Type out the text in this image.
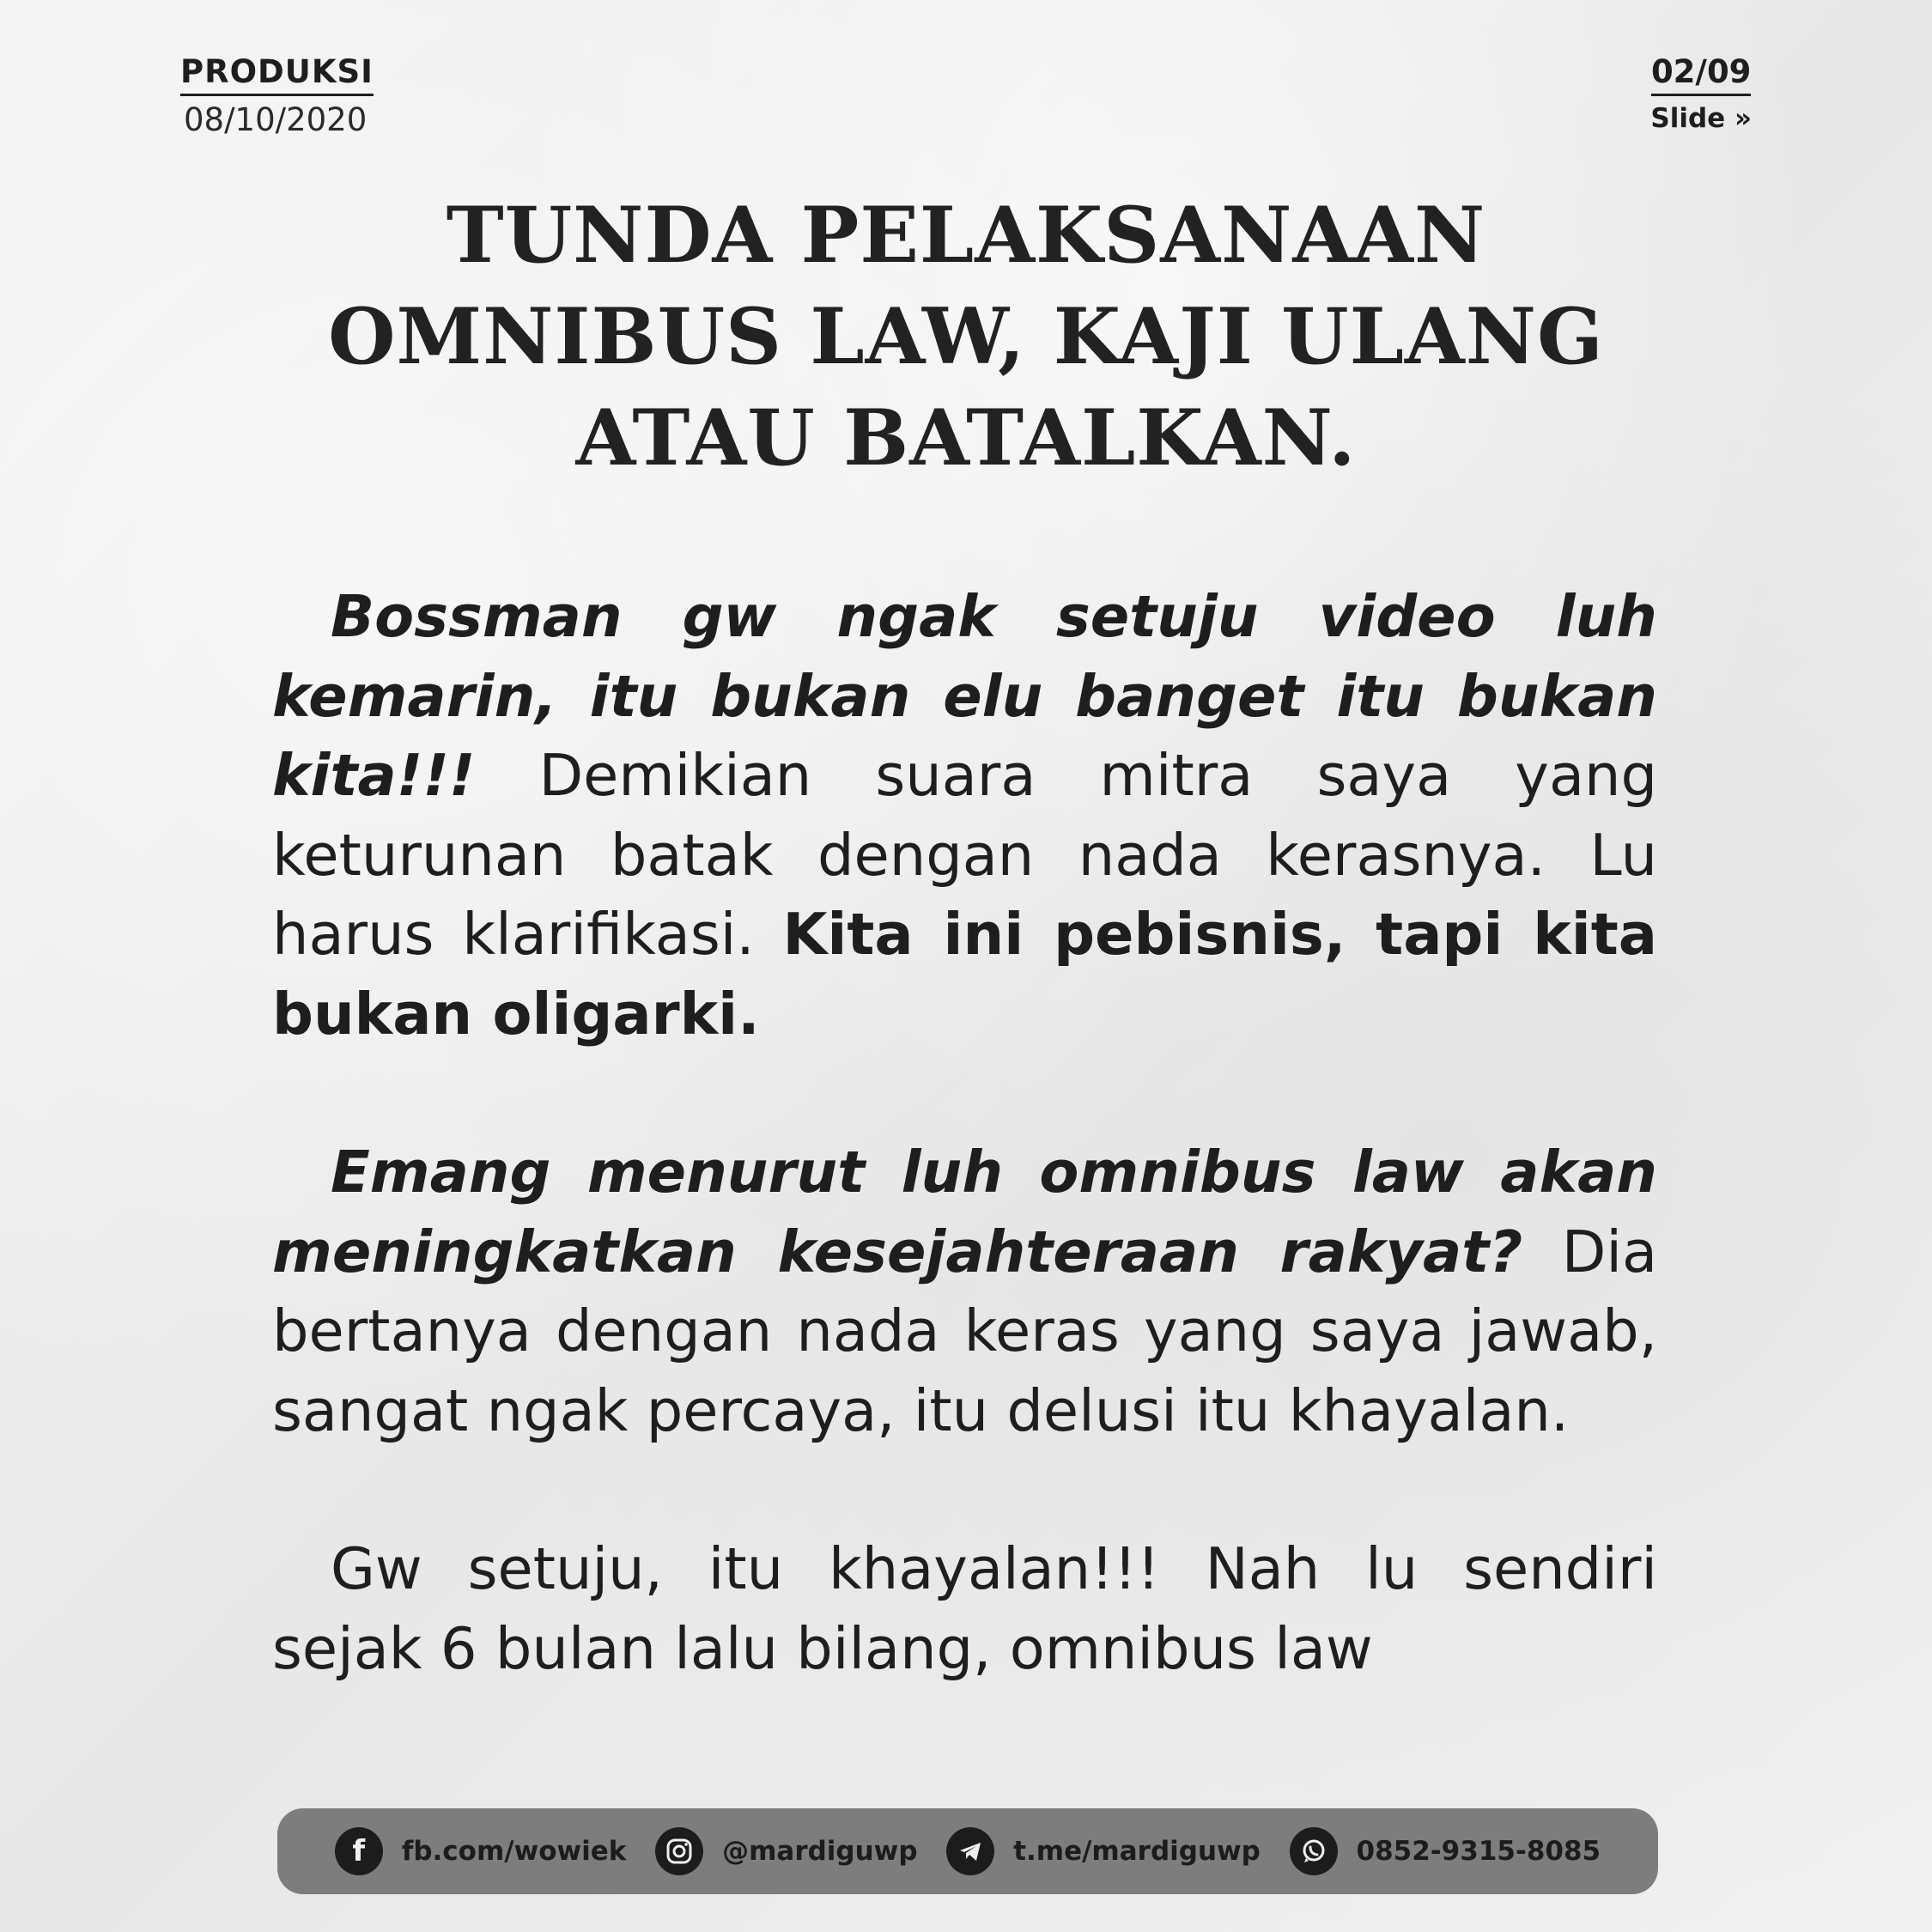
PRODUKSI
08/10/2020
02/09
Slide »
TUNDA PELAKSANAAN OMNIBUS LAW, KAJI ULANG ATAU BATALKAN.

Bossman gw ngak setuju video luh kemarin, itu bukan elu banget itu bukan kita!!! Demikian suara mitra saya yang keturunan batak dengan nada kerasnya. Lu harus klarifikasi. Kita ini pebisnis, tapi kita bukan oligarki.

Emang menurut luh omnibus law akan meningkatkan kesejahteraan rakyat? Dia bertanya dengan nada keras yang saya jawab, sangat ngak percaya, itu delusi itu khayalan.

Gw setuju, itu khayalan!!! Nah lu sendiri sejak 6 bulan lalu bilang, omnibus law

f	fb.com/wowiek	@mardiguwp	t.me/mardiguwp	0852-9315-8085
